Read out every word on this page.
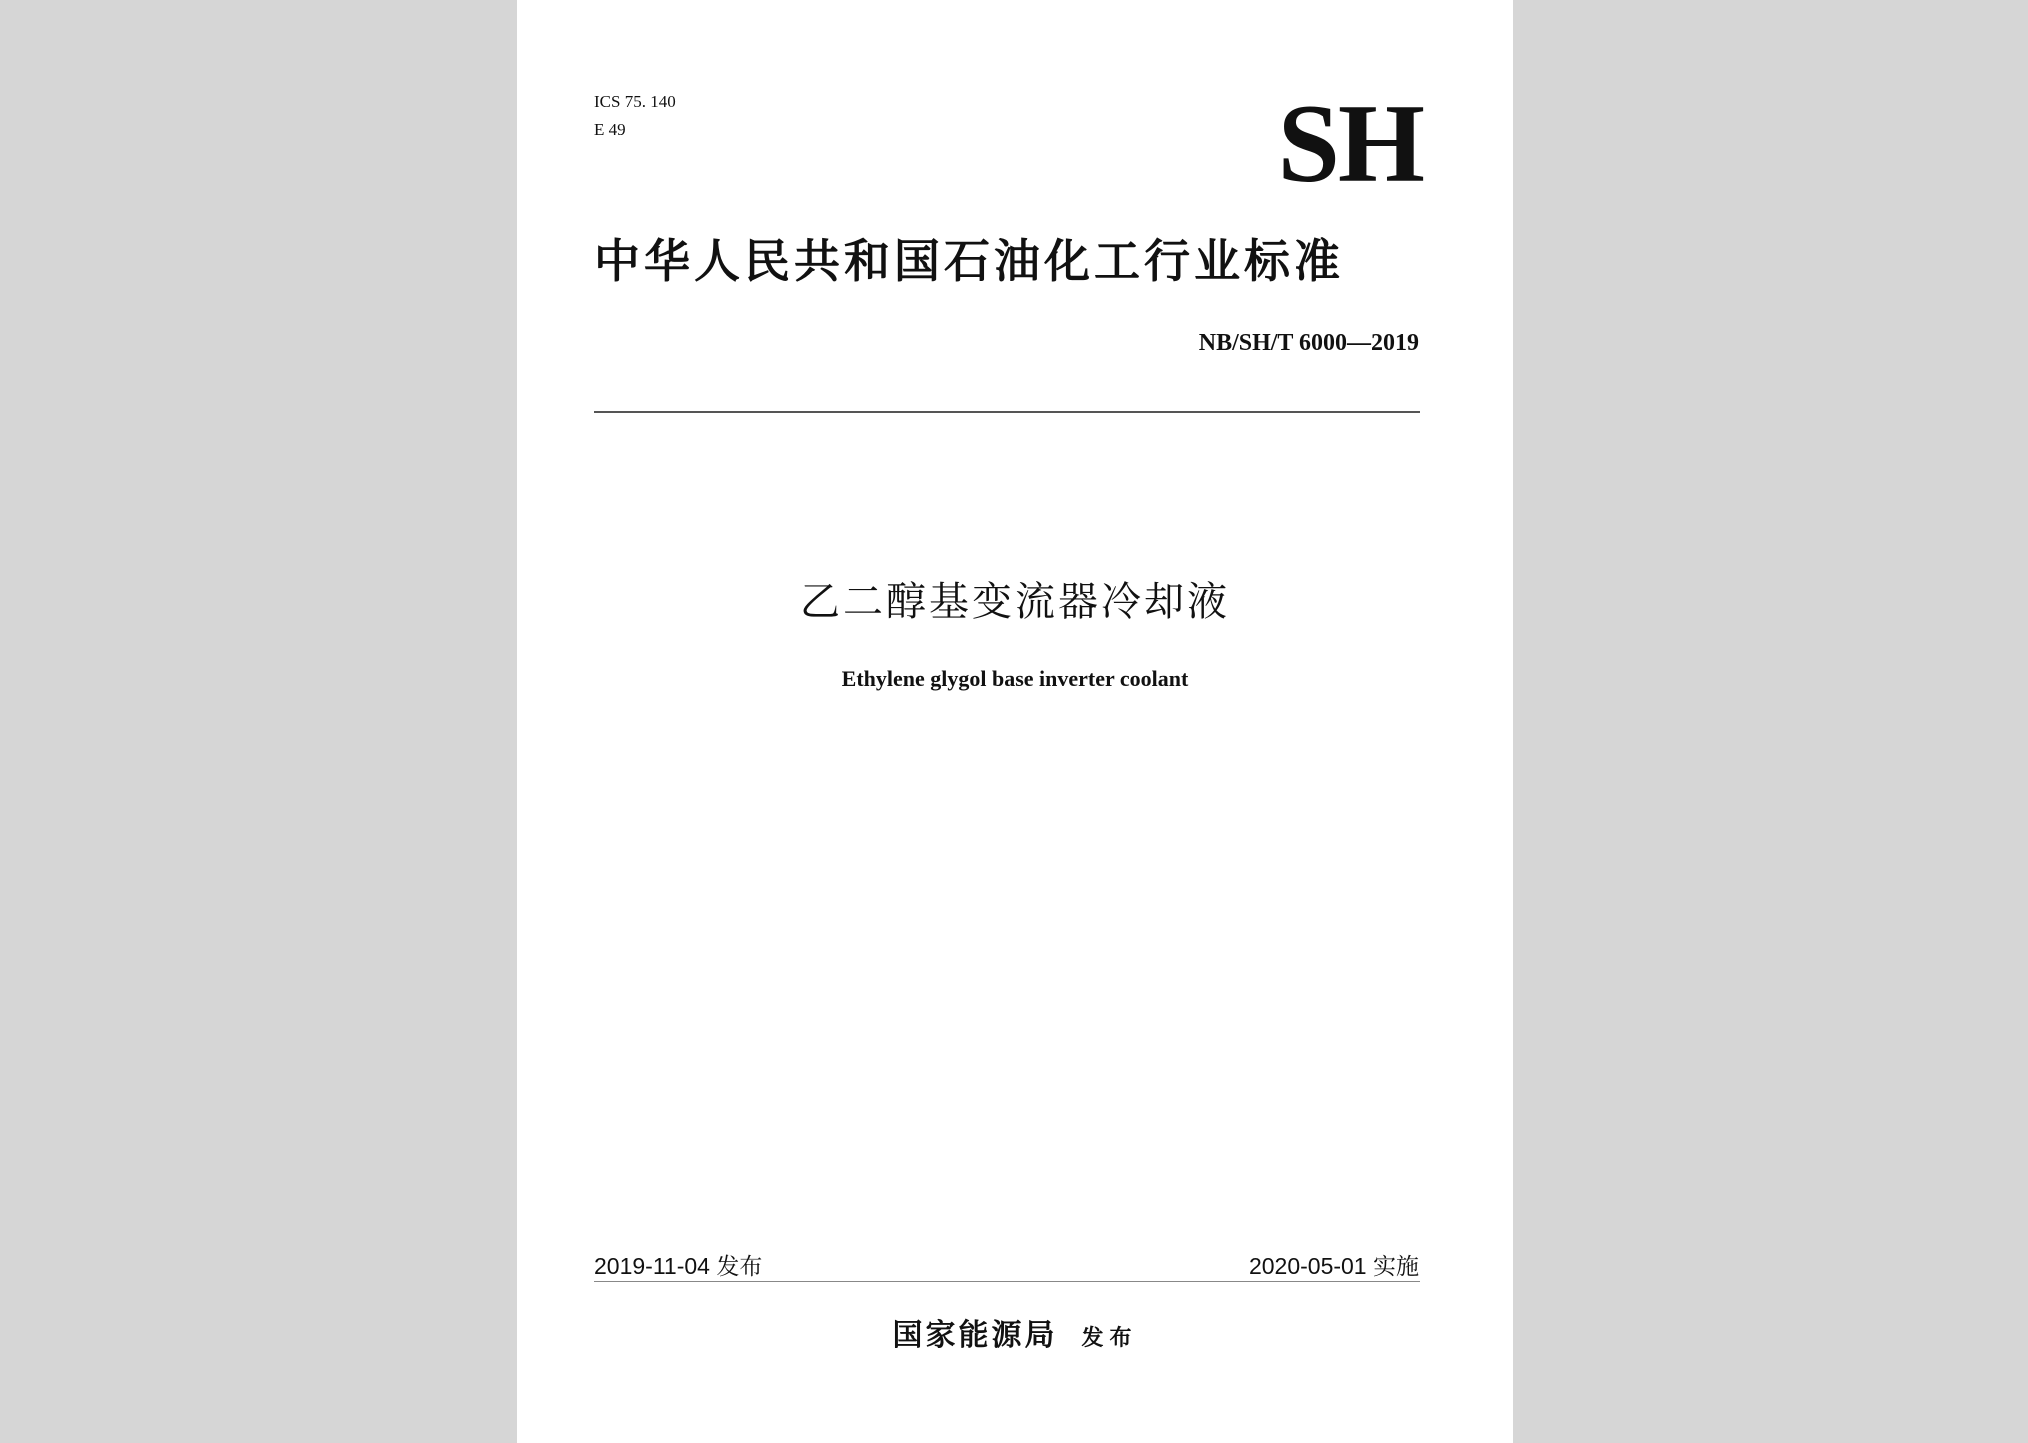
ICS 75. 140
E 49	SH
中华人民共和国石油化工行业标准
NB/SH/T 6000—2019
乙二醇基变流器冷却液
Ethylene glygol base inverter coolant
2019-11-04 发布	2020-05-01 实施
国家能源局 发布
